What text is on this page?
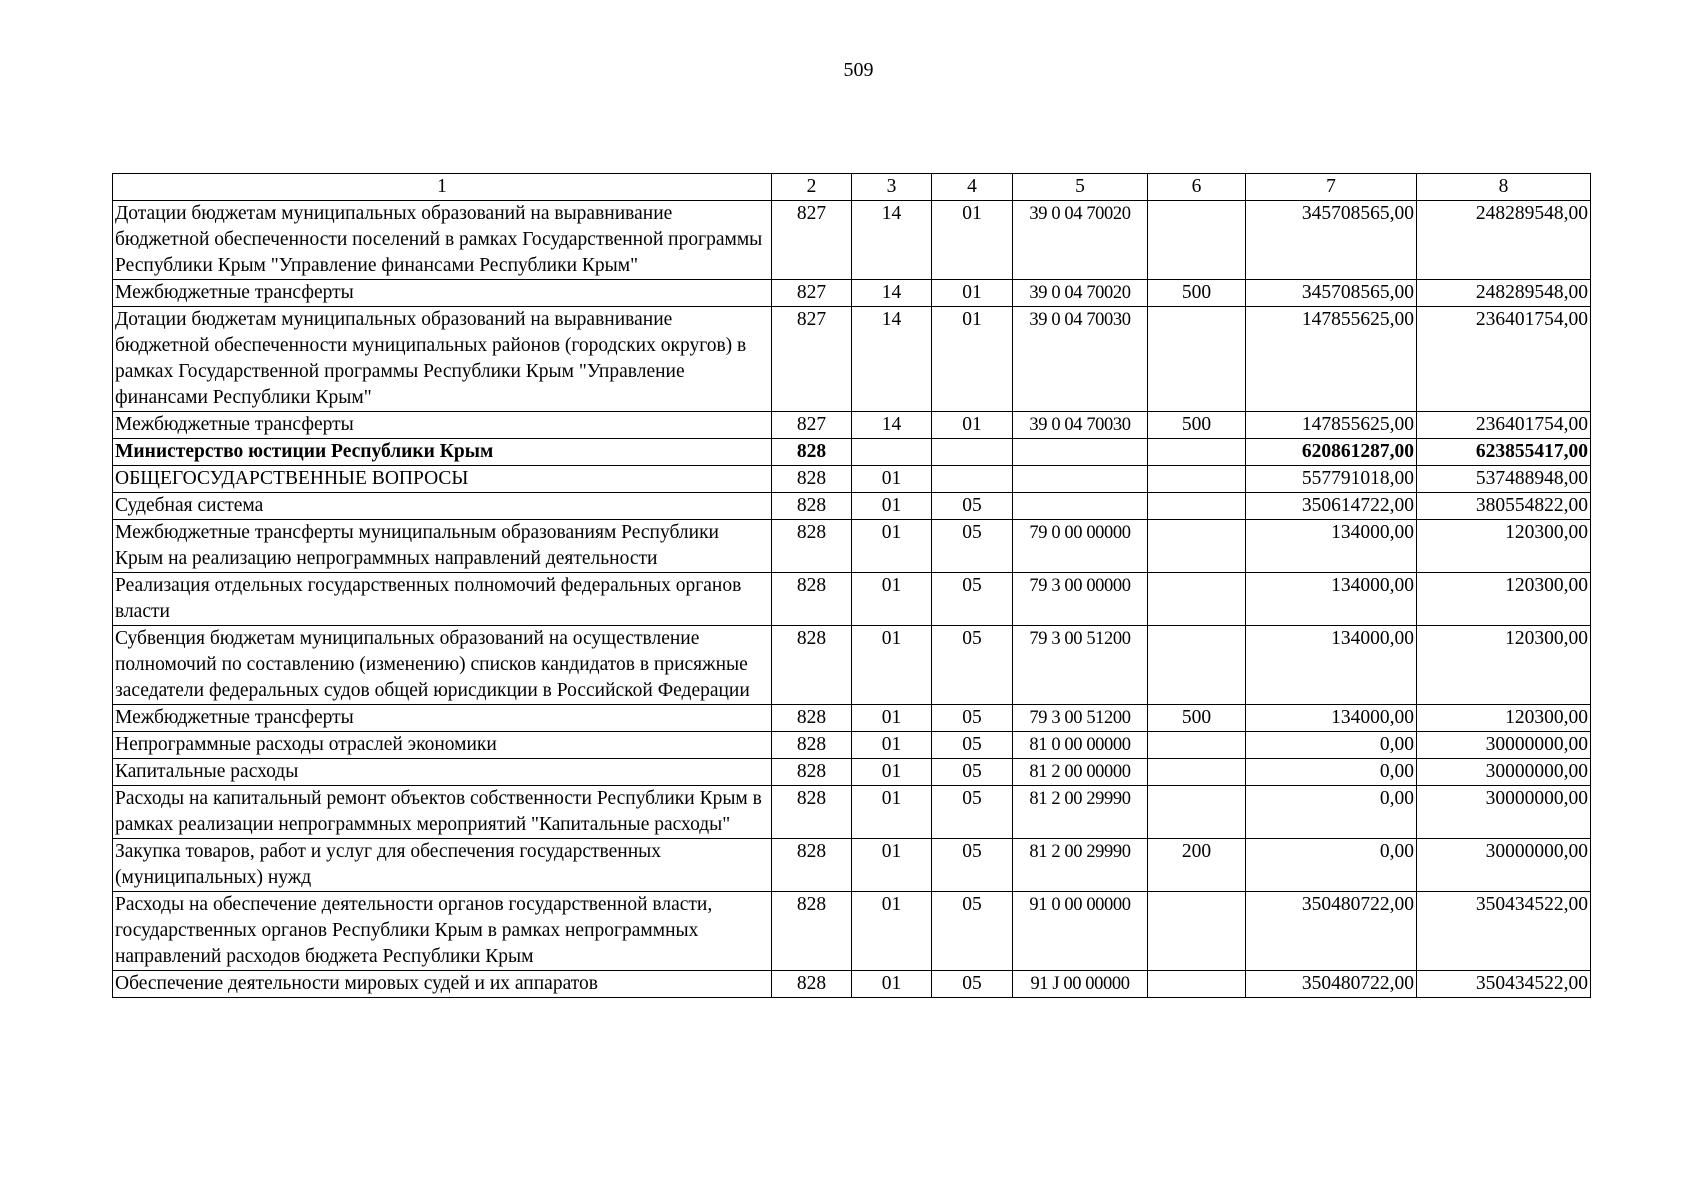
509
1	2	3	4	5	6	7	8
Дотации бюджетам муниципальных образований на выравнивание бюджетной обеспеченности поселений в рамках Государственной программы Республики Крым "Управление финансами Республики Крым"	827	14	01	39 0 04 70020		345708565,00	248289548,00
Межбюджетные трансферты	827	14	01	39 0 04 70020	500	345708565,00	248289548,00
Дотации бюджетам муниципальных образований на выравнивание бюджетной обеспеченности муниципальных районов (городских округов) в рамках Государственной программы Республики Крым "Управление финансами Республики Крым"	827	14	01	39 0 04 70030		147855625,00	236401754,00
Межбюджетные трансферты	827	14	01	39 0 04 70030	500	147855625,00	236401754,00
Министерство юстиции Республики Крым	828					620861287,00	623855417,00
ОБЩЕГОСУДАРСТВЕННЫЕ ВОПРОСЫ	828	01				557791018,00	537488948,00
Судебная система	828	01	05			350614722,00	380554822,00
Межбюджетные трансферты муниципальным образованиям Республики Крым на реализацию непрограммных направлений деятельности	828	01	05	79 0 00 00000		134000,00	120300,00
Реализация отдельных государственных полномочий федеральных органов власти	828	01	05	79 3 00 00000		134000,00	120300,00
Субвенция бюджетам муниципальных образований на осуществление полномочий по составлению (изменению) списков кандидатов в присяжные заседатели федеральных судов общей юрисдикции в Российской Федерации	828	01	05	79 3 00 51200		134000,00	120300,00
Межбюджетные трансферты	828	01	05	79 3 00 51200	500	134000,00	120300,00
Непрограммные расходы отраслей экономики	828	01	05	81 0 00 00000		0,00	30000000,00
Капитальные расходы	828	01	05	81 2 00 00000		0,00	30000000,00
Расходы на капитальный ремонт объектов собственности Республики Крым в рамках реализации непрограммных мероприятий "Капитальные расходы"	828	01	05	81 2 00 29990		0,00	30000000,00
Закупка товаров, работ и услуг для обеспечения государственных (муниципальных) нужд	828	01	05	81 2 00 29990	200	0,00	30000000,00
Расходы на обеспечение деятельности органов государственной власти, государственных органов Республики Крым в рамках непрограммных направлений расходов бюджета Республики Крым	828	01	05	91 0 00 00000		350480722,00	350434522,00
Обеспечение деятельности мировых судей и их аппаратов	828	01	05	91 J 00 00000		350480722,00	350434522,00
